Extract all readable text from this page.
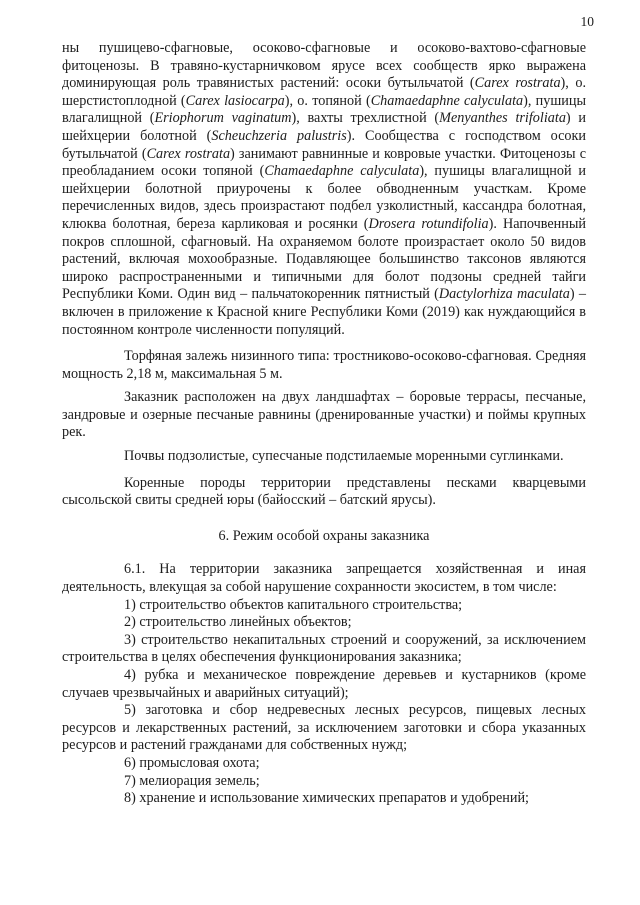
10

ны пушицево-сфагновые, осоково-сфагновые и осоково-вахтово-сфагновые фитоценозы. В травяно-кустарничковом ярусе всех сообществ ярко выражена доминирующая роль травянистых растений: осоки бутыльчатой (Carex rostrata), о. шерстистоплодной (Carex lasiocarpa), о. топяной (Chamaedaphne calyculata), пушицы влагалищной (Eriophorum vaginatum), вахты трехлистной (Menyanthes trifoliata) и шейхцерии болотной (Scheuchzeria palustris). Сообщества с господством осоки бутыльчатой (Carex rostrata) занимают равнинные и ковровые участки. Фитоценозы с преобладанием осоки топяной (Chamaedaphne calyculata), пушицы влагалищной и шейхцерии болотной приурочены к более обводненным участкам. Кроме перечисленных видов, здесь произрастают подбел узколистный, кассандра болотная, клюква болотная, береза карликовая и росянки (Drosera rotundifolia). Напочвенный покров сплошной, сфагновый. На охраняемом болоте произрастает около 50 видов растений, включая мохообразные. Подавляющее большинство таксонов являются широко распространенными и типичными для болот подзоны средней тайги Республики Коми. Один вид – пальчатокоренник пятнистый (Dactylorhiza maculata) – включен в приложение к Красной книге Республики Коми (2019) как нуждающийся в постоянном контроле численности популяций.

Торфяная залежь низинного типа: тростниково-осоково-сфагновая. Средняя мощность 2,18 м, максимальная 5 м.

Заказник расположен на двух ландшафтах – боровые террасы, песчаные, зандровые и озерные песчаные равнины (дренированные участки) и поймы крупных рек.

Почвы подзолистые, супесчаные подстилаемые моренными суглинками.

Коренные породы территории представлены песками кварцевыми сысольской свиты средней юры (байосский – батский ярусы).

6. Режим особой охраны заказника

6.1. На территории заказника запрещается хозяйственная и иная деятельность, влекущая за собой нарушение сохранности экосистем, в том числе:

1) строительство объектов капитального строительства;

2) строительство линейных объектов;

3) строительство некапитальных строений и сооружений, за исключением строительства в целях обеспечения функционирования заказника;

4) рубка и механическое повреждение деревьев и кустарников (кроме случаев чрезвычайных и аварийных ситуаций);

5) заготовка и сбор недревесных лесных ресурсов, пищевых лесных ресурсов и лекарственных растений, за исключением заготовки и сбора указанных ресурсов и растений гражданами для собственных нужд;

6) промысловая охота;

7) мелиорация земель;

8) хранение и использование химических препаратов и удобрений;
